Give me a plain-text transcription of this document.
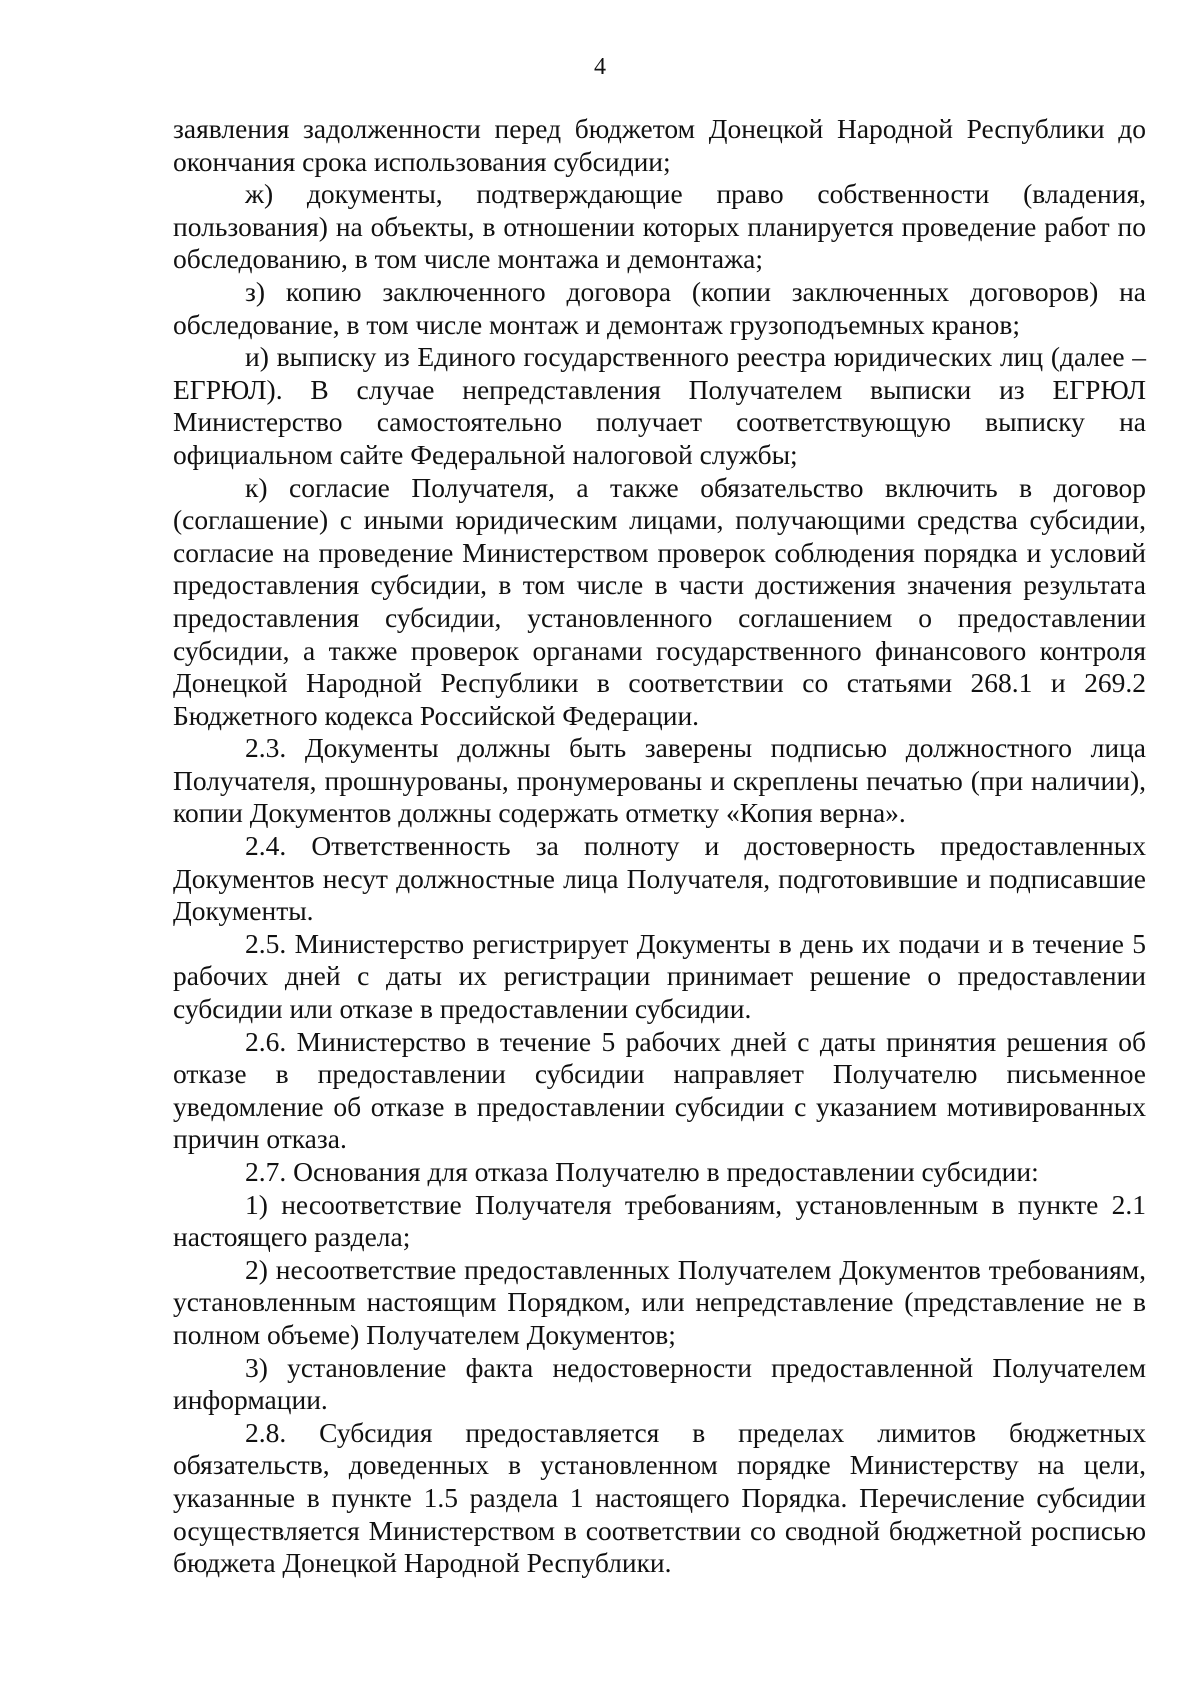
4

заявления задолженности перед бюджетом Донецкой Народной Республики до окончания срока использования субсидии;

ж) документы, подтверждающие право собственности (владения, пользования) на объекты, в отношении которых планируется проведение работ по обследованию, в том числе монтажа и демонтажа;

з) копию заключенного договора (копии заключенных договоров) на обследование, в том числе монтаж и демонтаж грузоподъемных кранов;

и) выписку из Единого государственного реестра юридических лиц (далее – ЕГРЮЛ). В случае непредставления Получателем выписки из ЕГРЮЛ Министерство самостоятельно получает соответствующую выписку на официальном сайте Федеральной налоговой службы;

к) согласие Получателя, а также обязательство включить в договор (соглашение) с иными юридическим лицами, получающими средства субсидии, согласие на проведение Министерством проверок соблюдения порядка и условий предоставления субсидии, в том числе в части достижения значения результата предоставления субсидии, установленного соглашением о предоставлении субсидии, а также проверок органами государственного финансового контроля Донецкой Народной Республики в соответствии со статьями 268.1 и 269.2 Бюджетного кодекса Российской Федерации.

2.3. Документы должны быть заверены подписью должностного лица Получателя, прошнурованы, пронумерованы и скреплены печатью (при наличии), копии Документов должны содержать отметку «Копия верна».

2.4. Ответственность за полноту и достоверность предоставленных Документов несут должностные лица Получателя, подготовившие и подписавшие Документы.

2.5. Министерство регистрирует Документы в день их подачи и в течение 5 рабочих дней с даты их регистрации принимает решение о предоставлении субсидии или отказе в предоставлении субсидии.

2.6. Министерство в течение 5 рабочих дней с даты принятия решения об отказе в предоставлении субсидии направляет Получателю письменное уведомление об отказе в предоставлении субсидии с указанием мотивированных причин отказа.

2.7. Основания для отказа Получателю в предоставлении субсидии:

1) несоответствие Получателя требованиям, установленным в пункте 2.1 настоящего раздела;

2) несоответствие предоставленных Получателем Документов требованиям, установленным настоящим Порядком, или непредставление (представление не в полном объеме) Получателем Документов;

3) установление факта недостоверности предоставленной Получателем информации.

2.8. Субсидия предоставляется в пределах лимитов бюджетных обязательств, доведенных в установленном порядке Министерству на цели, указанные в пункте 1.5 раздела 1 настоящего Порядка. Перечисление субсидии осуществляется Министерством в соответствии со сводной бюджетной росписью бюджета Донецкой Народной Республики.
